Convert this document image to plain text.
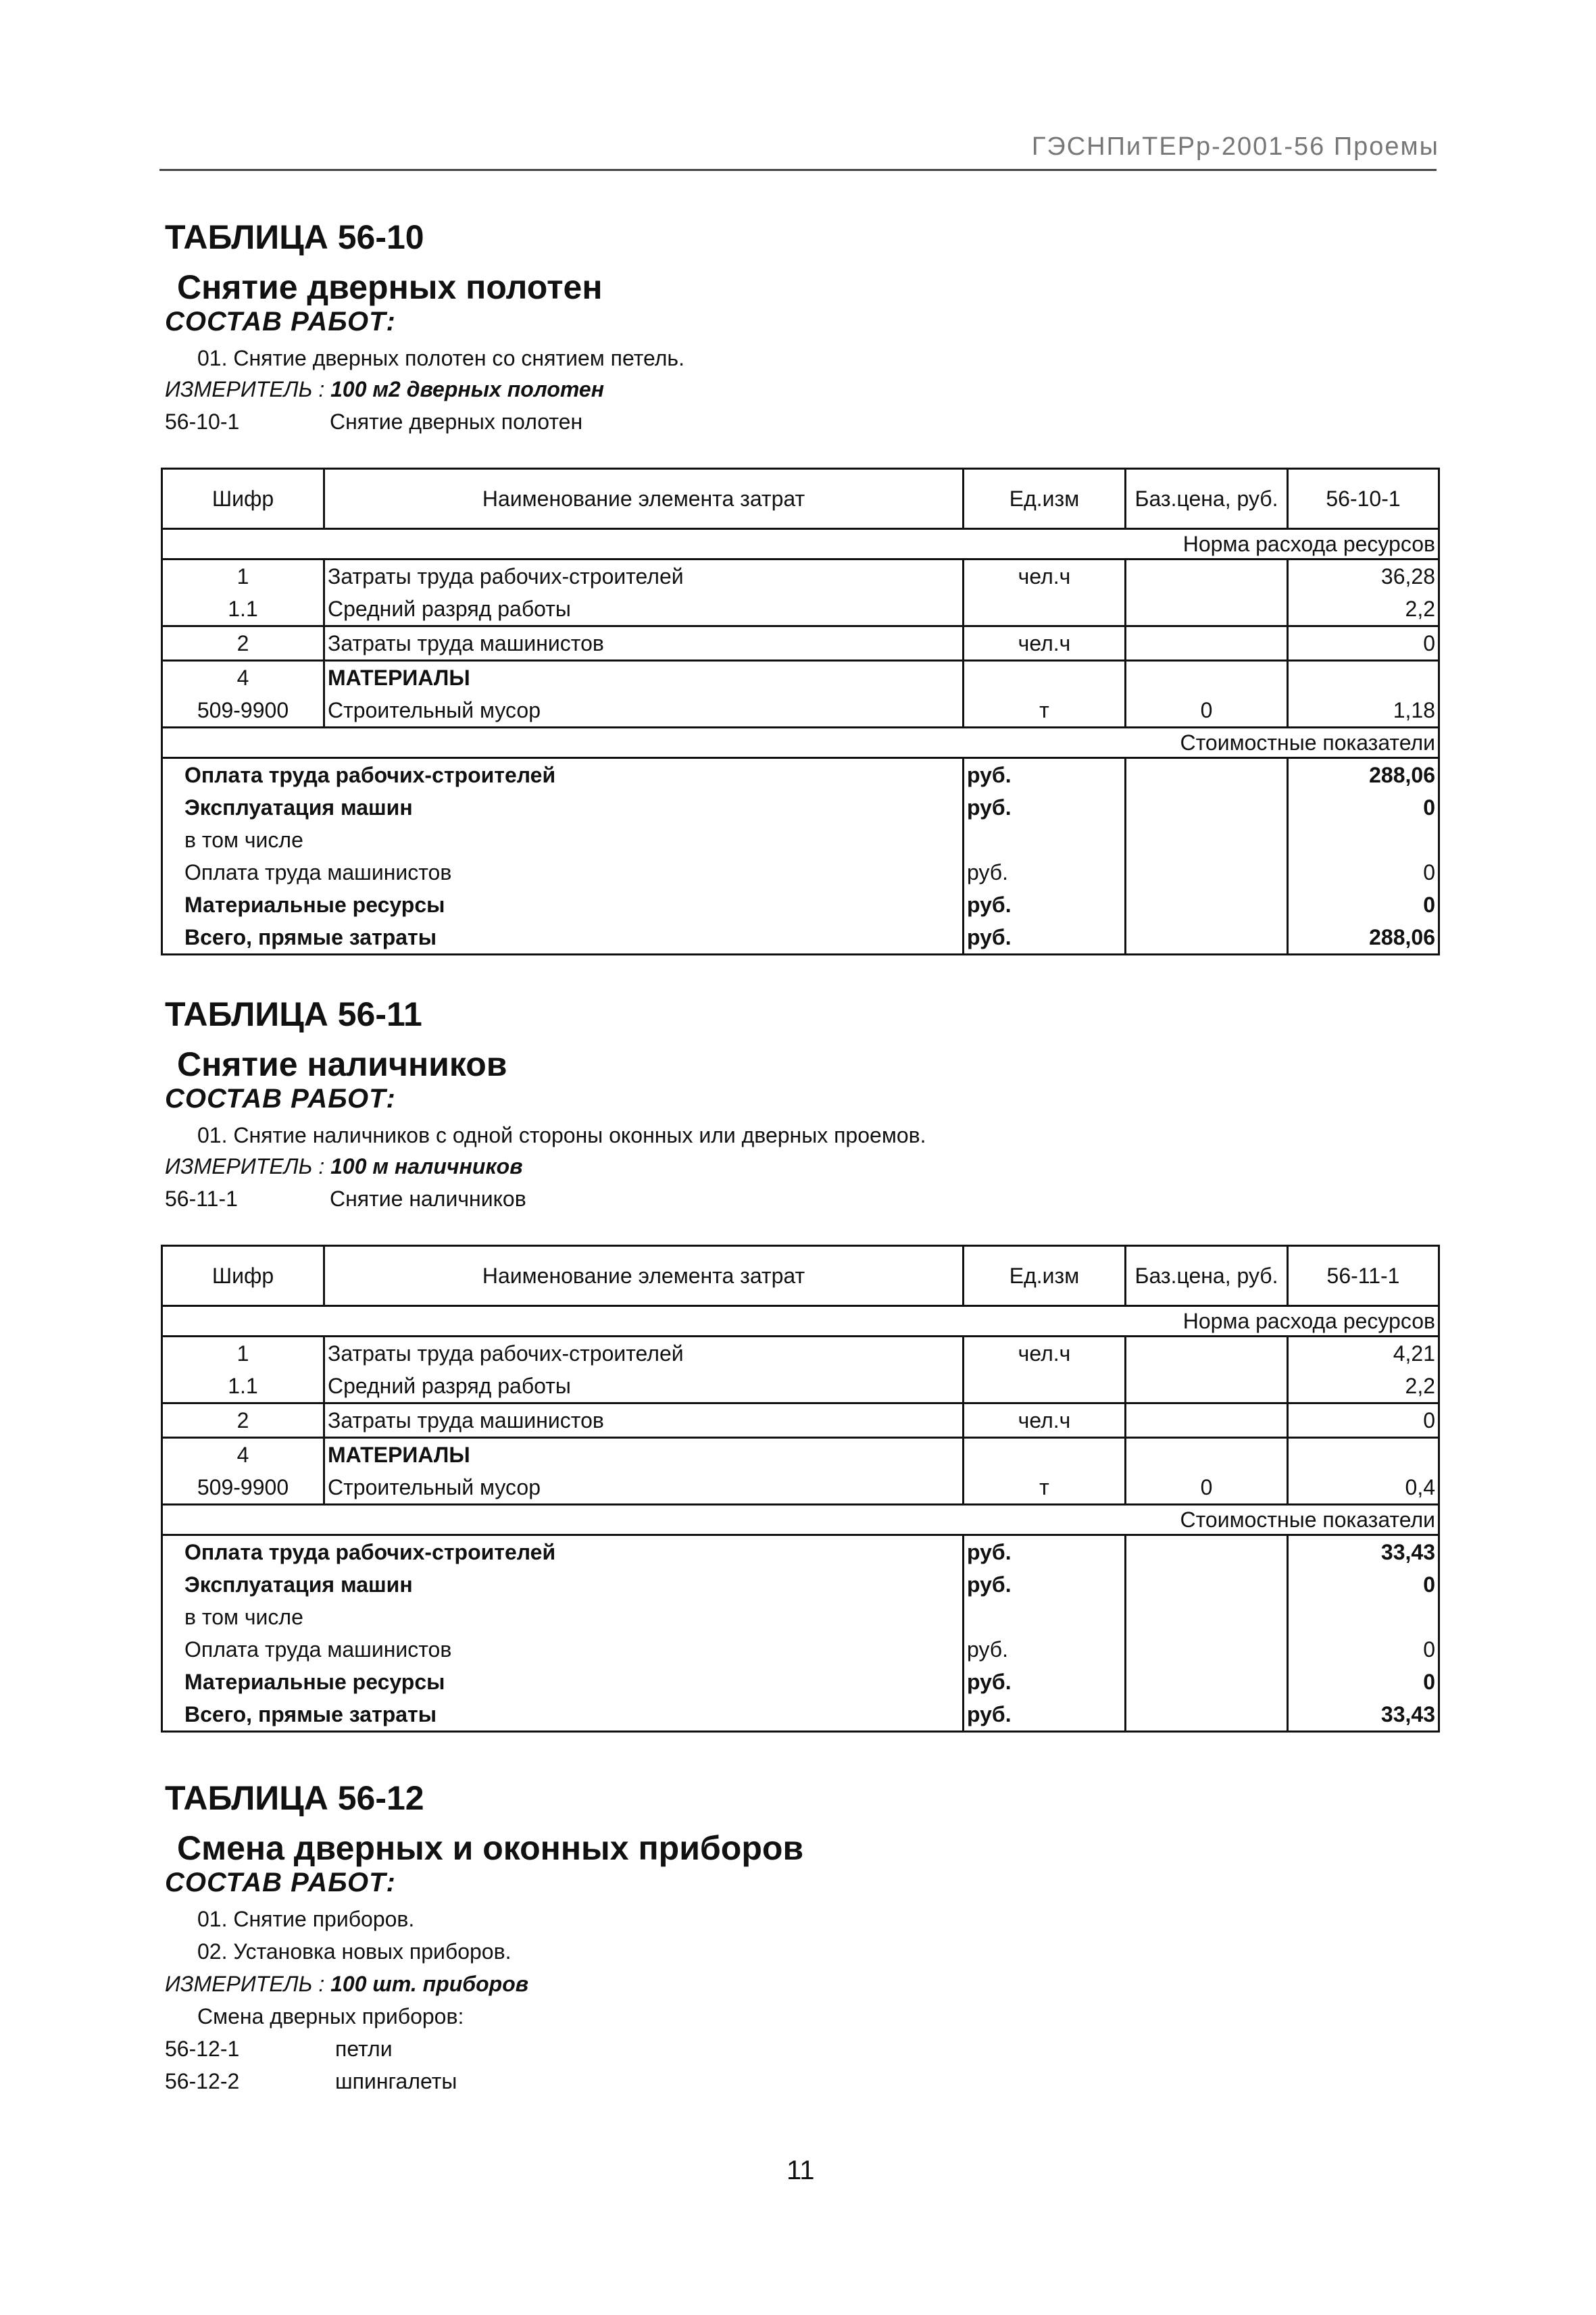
ГЭСНПиТЕРр-2001-56 Проемы
ТАБЛИЦА 56-10
Снятие дверных полотен
СОСТАВ РАБОТ:
01. Снятие дверных полотен со снятием петель.
ИЗМЕРИТЕЛЬ : 100 м2 дверных полотен
56-10-1	Снятие дверных полотен
Шифр	Наименование элемента затрат	Ед.изм	Баз.цена, руб.	56-10-1
Норма расхода ресурсов				
1	Затраты труда рабочих-строителей	чел.ч		36,28
1.1	Средний разряд работы			2,2
2	Затраты труда машинистов	чел.ч		0
4	МАТЕРИАЛЫ			
509-9900	Строительный мусор	т	0	1,18
Стоимостные показатели				
Оплата труда рабочих-строителей		руб.		288,06
Эксплуатация машин		руб.		0
в том числе				
Оплата труда машинистов		руб.		0
Материальные ресурсы		руб.		0
Всего, прямые затраты		руб.		288,06
ТАБЛИЦА 56-11
Снятие наличников
СОСТАВ РАБОТ:
01. Снятие наличников с одной стороны оконных или дверных проемов.
ИЗМЕРИТЕЛЬ : 100 м наличников
56-11-1	Снятие наличников
Шифр	Наименование элемента затрат	Ед.изм	Баз.цена, руб.	56-11-1
Норма расхода ресурсов				
1	Затраты труда рабочих-строителей	чел.ч		4,21
1.1	Средний разряд работы			2,2
2	Затраты труда машинистов	чел.ч		0
4	МАТЕРИАЛЫ			
509-9900	Строительный мусор	т	0	0,4
Стоимостные показатели				
Оплата труда рабочих-строителей		руб.		33,43
Эксплуатация машин		руб.		0
в том числе				
Оплата труда машинистов		руб.		0
Материальные ресурсы		руб.		0
Всего, прямые затраты		руб.		33,43
ТАБЛИЦА 56-12
Смена дверных и оконных приборов
СОСТАВ РАБОТ:
01. Снятие приборов.
02. Установка новых приборов.
ИЗМЕРИТЕЛЬ : 100 шт. приборов
Смена дверных приборов:
56-12-1	петли
56-12-2	шпингалеты
11
